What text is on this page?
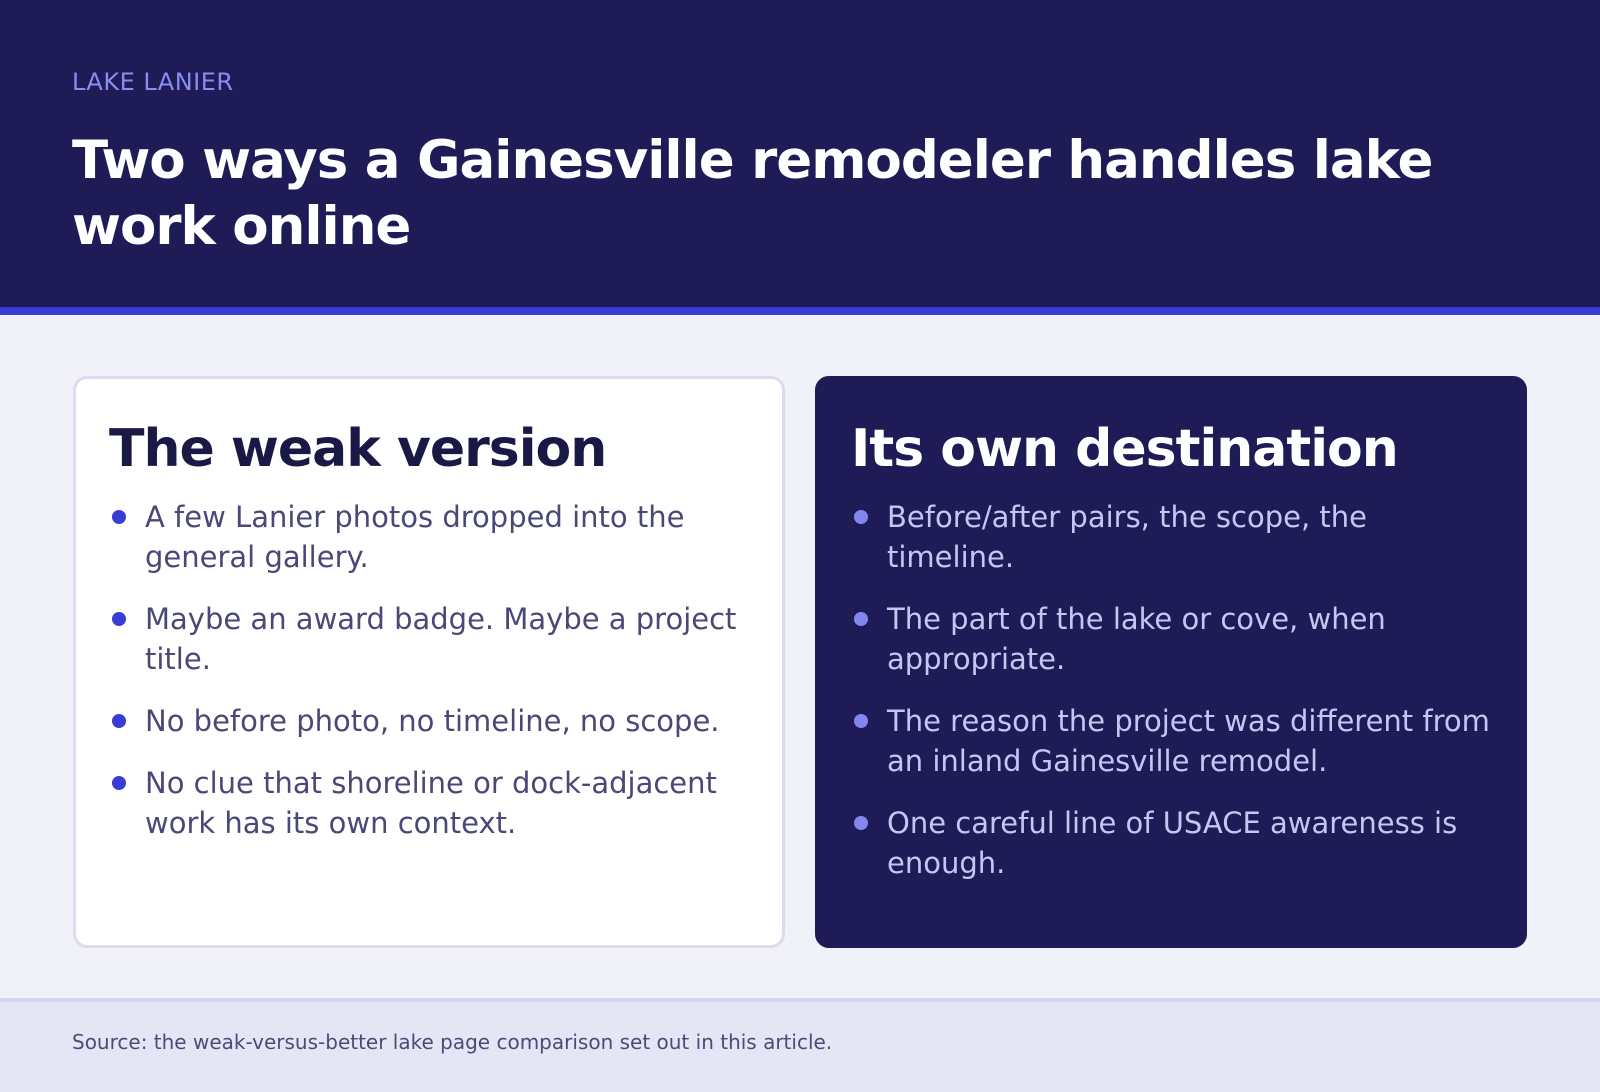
LAKE LANIER
Two ways a Gainesville remodeler handles lake work online
The weak version
A few Lanier photos dropped into the general gallery.
Maybe an award badge. Maybe a project title.
No before photo, no timeline, no scope.
No clue that shoreline or dock-adjacent work has its own context.
Its own destination
Before/after pairs, the scope, the timeline.
The part of the lake or cove, when appropriate.
The reason the project was different from an inland Gainesville remodel.
One careful line of USACE awareness is enough.
Source: the weak-versus-better lake page comparison set out in this article.
